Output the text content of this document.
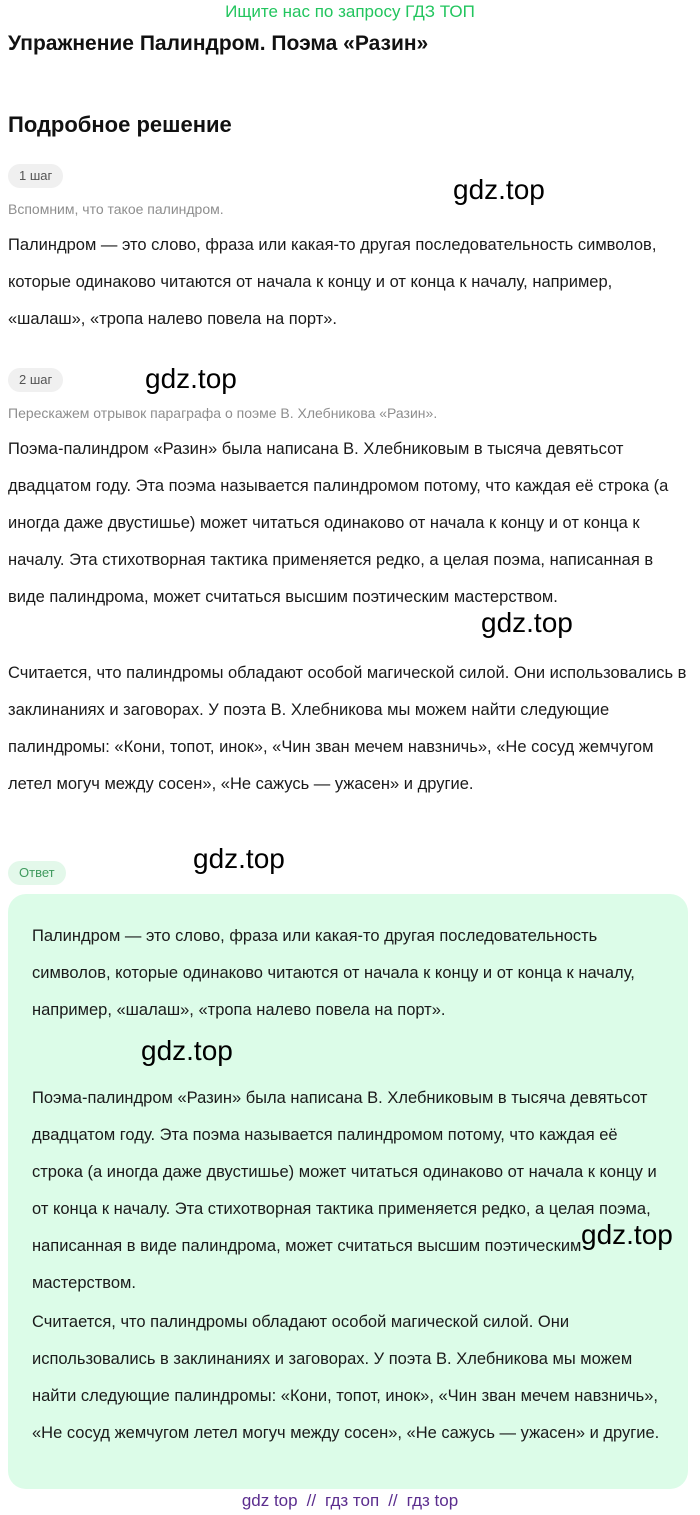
Ищите нас по запросу ГДЗ ТОП
Упражнение Палиндром. Поэма «Разин»
Подробное решение
1 шаг

Вспомним, что такое палиндром.

Палиндром — это слово, фраза или какая-то другая последовательность символов, которые одинаково читаются от начала к концу и от конца к началу, например, «шалаш», «тропа налево повела на порт».

2 шаг

Перескажем отрывок параграфа о поэме В. Хлебникова «Разин».

Поэма-палиндром «Разин» была написана В. Хлебниковым в тысяча девятьсот двадцатом году. Эта поэма называется палиндромом потому, что каждая её строка (а иногда даже двустишье) может читаться одинаково от начала к концу и от конца к началу. Эта стихотворная тактика применяется редко, а целая поэма, написанная в виде палиндрома, может считаться высшим поэтическим мастерством.

Считается, что палиндромы обладают особой магической силой. Они использовались в заклинаниях и заговорах. У поэта В. Хлебникова мы можем найти следующие палиндромы: «Кони, топот, инок», «Чин зван мечем навзничь», «Не сосуд жемчугом летел могуч между сосен», «Не сажусь — ужасен» и другие.

Ответ

Палиндром — это слово, фраза или какая-то другая последовательность символов, которые одинаково читаются от начала к концу и от конца к началу, например, «шалаш», «тропа налево повела на порт».

Поэма-палиндром «Разин» была написана В. Хлебниковым в тысяча девятьсот двадцатом году. Эта поэма называется палиндромом потому, что каждая её строка (а иногда даже двустишье) может читаться одинаково от начала к концу и от конца к началу. Эта стихотворная тактика применяется редко, а целая поэма, написанная в виде палиндрома, может считаться высшим поэтическим мастерством.

Считается, что палиндромы обладают особой магической силой. Они использовались в заклинаниях и заговорах. У поэта В. Хлебникова мы можем найти следующие палиндромы: «Кони, топот, инок», «Чин зван мечем навзничь», «Не сосуд жемчугом летел могуч между сосен», «Не сажусь — ужасен» и другие.

gdz.top
gdz.top
gdz.top
gdz.top
gdz.top
gdz.top
gdz top // гдз топ // гдз top
